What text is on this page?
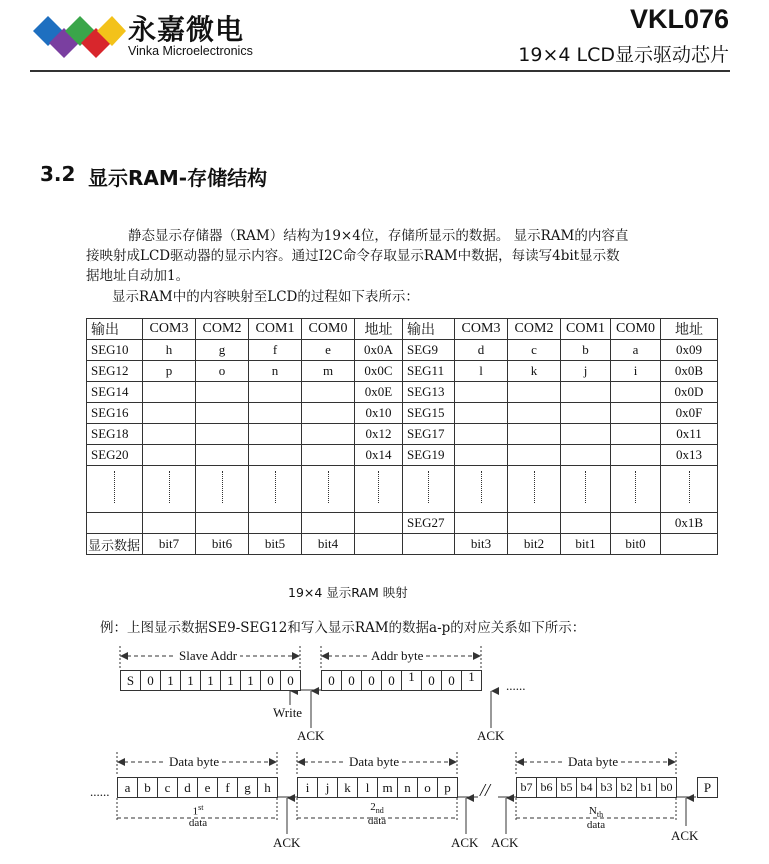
永嘉微电
Vinka Microelectronics
VKL076
19×4 LCD显示驱动芯片
3.2 显示RAM-存储结构
静态显示存储器（RAM）结构为19×4位，存储所显示的数据。 显示RAM的内容直
接映射成LCD驱动器的显示内容。通过I2C命令存取显示RAM中数据，每读写4bit显示数
据地址自动加1。
显示RAM中的内容映射至LCD的过程如下表所示：
输出	COM3	COM2	COM1	COM0	地址	输出	COM3	COM2	COM1	COM0	地址
SEG10	h	g	f	e	0x0A	SEG9	d	c	b	a	0x09
SEG12	p	o	n	m	0x0C	SEG11	l	k	j	i	0x0B
SEG14					0x0E	SEG13					0x0D
SEG16					0x10	SEG15					0x0F
SEG18					0x12	SEG17					0x11
SEG20					0x14	SEG19					0x13

						SEG27					0x1B
显示数据	bit7	bit6	bit5	bit4			bit3	bit2	bit1	bit0	
19×4 显示RAM 映射
例：上图显示数据SE9-SEG12和写入显示RAM的数据a-p的对应关系如下所示：
Slave Addr	Addr byte
S	0	1	1	1	1	1	0	0	0	0	0	0	1	0	0	1
......
Write
ACK	ACK
Data byte	Data byte	Data byte
......	a	b	c	d	e	f	g	h	i	j	k	l	m n	o	p	//	b7 b6 b5 b4 b3 b2 b1 b0	P
1st
data
$2_{nd}$
data
$N_{th}$
data
ACK	ACK ACK	ACK
